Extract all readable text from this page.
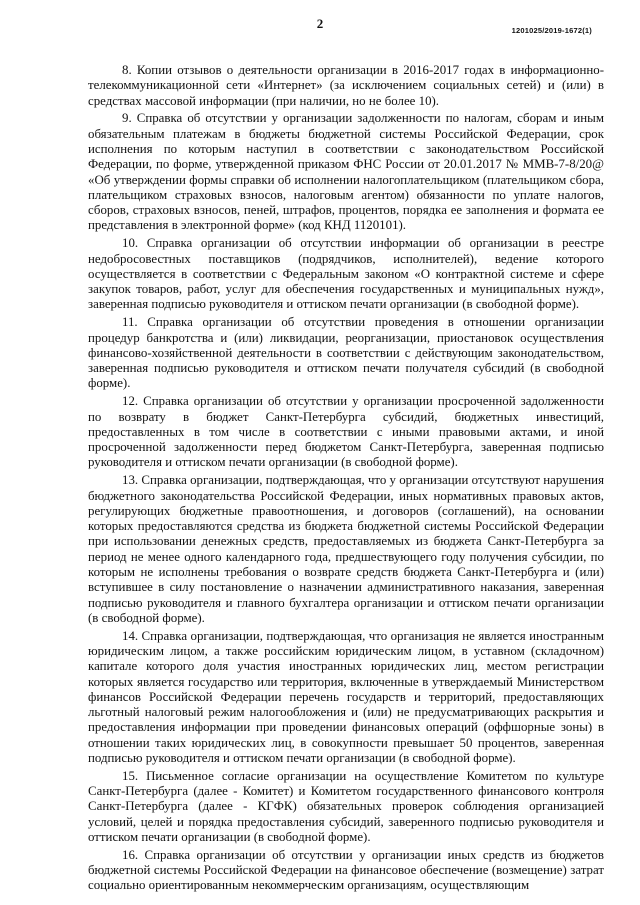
2	1201025/2019-1672(1)

8. Копии отзывов о деятельности организации в 2016-2017 годах в информационно-телекоммуникационной сети «Интернет» (за исключением социальных сетей) и (или) в средствах массовой информации (при наличии, но не более 10).

9. Справка об отсутствии у организации задолженности по налогам, сборам и иным обязательным платежам в бюджеты бюджетной системы Российской Федерации, срок исполнения по которым наступил в соответствии с законодательством Российской Федерации, по форме, утвержденной приказом ФНС России от 20.01.2017 № ММВ-7-8/20@ «Об утверждении формы справки об исполнении налогоплательщиком (плательщиком сбора, плательщиком страховых взносов, налоговым агентом) обязанности по уплате налогов, сборов, страховых взносов, пеней, штрафов, процентов, порядка ее заполнения и формата ее представления в электронной форме» (код КНД 1120101).

10. Справка организации об отсутствии информации об организации в реестре недобросовестных поставщиков (подрядчиков, исполнителей), ведение которого осуществляется в соответствии с Федеральным законом «О контрактной системе и сфере закупок товаров, работ, услуг для обеспечения государственных и муниципальных нужд», заверенная подписью руководителя и оттиском печати организации (в свободной форме).

11. Справка организации об отсутствии проведения в отношении организации процедур банкротства и (или) ликвидации, реорганизации, приостановок осуществления финансово-хозяйственной деятельности в соответствии с действующим законодательством, заверенная подписью руководителя и оттиском печати получателя субсидий (в свободной форме).

12. Справка организации об отсутствии у организации просроченной задолженности по возврату в бюджет Санкт-Петербурга субсидий, бюджетных инвестиций, предоставленных в том числе в соответствии с иными правовыми актами, и иной просроченной задолженности перед бюджетом Санкт-Петербурга, заверенная подписью руководителя и оттиском печати организации (в свободной форме).

13. Справка организации, подтверждающая, что у организации отсутствуют нарушения бюджетного законодательства Российской Федерации, иных нормативных правовых актов, регулирующих бюджетные правоотношения, и договоров (соглашений), на основании которых предоставляются средства из бюджета бюджетной системы Российской Федерации при использовании денежных средств, предоставляемых из бюджета Санкт-Петербурга за период не менее одного календарного года, предшествующего году получения субсидии, по которым не исполнены требования о возврате средств бюджета Санкт-Петербурга и (или) вступившее в силу постановление о назначении административного наказания, заверенная подписью руководителя и главного бухгалтера организации и оттиском печати организации (в свободной форме).

14. Справка организации, подтверждающая, что организация не является иностранным юридическим лицом, а также российским юридическим лицом, в уставном (складочном) капитале которого доля участия иностранных юридических лиц, местом регистрации которых является государство или территория, включенные в утверждаемый Министерством финансов Российской Федерации перечень государств и территорий, предоставляющих льготный налоговый режим налогообложения и (или) не предусматривающих раскрытия и предоставления информации при проведении финансовых операций (оффшорные зоны) в отношении таких юридических лиц, в совокупности превышает 50 процентов, заверенная подписью руководителя и оттиском печати организации (в свободной форме).

15. Письменное согласие организации на осуществление Комитетом по культуре Санкт-Петербурга (далее - Комитет) и Комитетом государственного финансового контроля Санкт-Петербурга (далее - КГФК) обязательных проверок соблюдения организацией условий, целей и порядка предоставления субсидий, заверенного подписью руководителя и оттиском печати организации (в свободной форме).

16. Справка организации об отсутствии у организации иных средств из бюджетов бюджетной системы Российской Федерации на финансовое обеспечение (возмещение) затрат социально ориентированным некоммерческим организациям, осуществляющим
